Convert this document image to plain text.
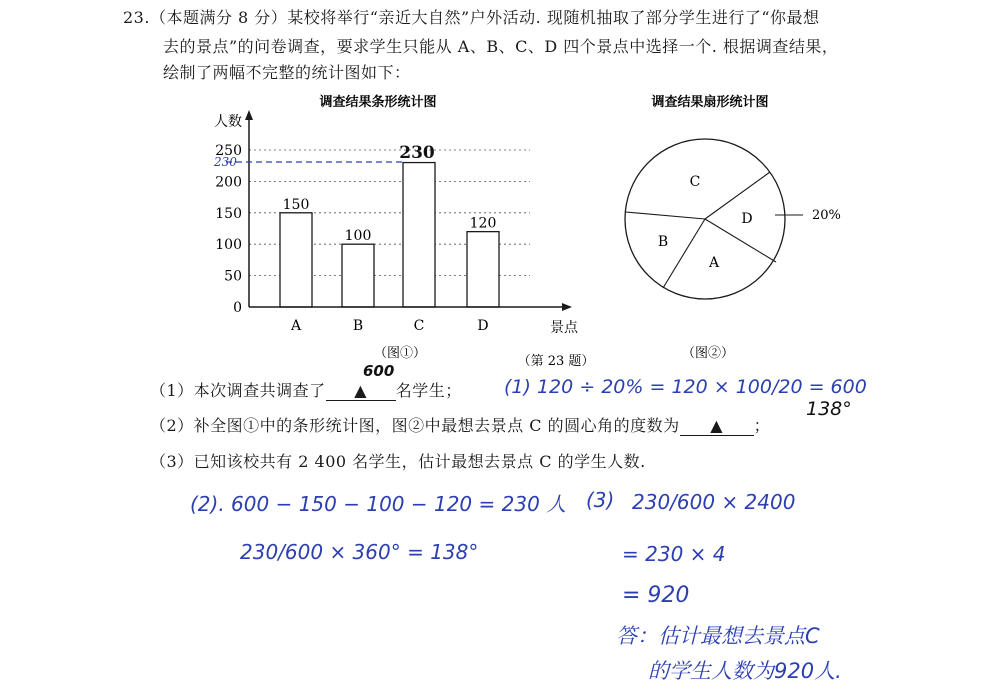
23.（本题满分 8 分）某校将举行“亲近大自然”户外活动. 现随机抽取了部分学生进行了“你最想
去的景点”的问卷调查，要求学生只能从 A、B、C、D 四个景点中选择一个. 根据调查结果，
绘制了两幅不完整的统计图如下：
调查结果条形统计图
人数
景点
0
50
100
150
200
250
150
100
120
A	B	C	D
230	230
（图①）
调查结果扇形统计图
A
B
C
D	20%
（图②）
（第 23 题）
（1）本次调查共调查了 ▲ 名学生；
（2）补全图①中的条形统计图，图②中最想去景点 C 的圆心角的度数为 ▲ ；
（3）已知该校共有 2 400 名学生，估计最想去景点 C 的学生人数.
600
(1) 120 ÷ 20% = 120 × 100/20 = 600
138°
(2). 600 − 150 − 100 − 120 = 230 人
230/600 × 360° = 138°
(3) 230/600 × 2400
= 230 × 4
= 920
答：估计最想去景点C
的学生人数为920人.
